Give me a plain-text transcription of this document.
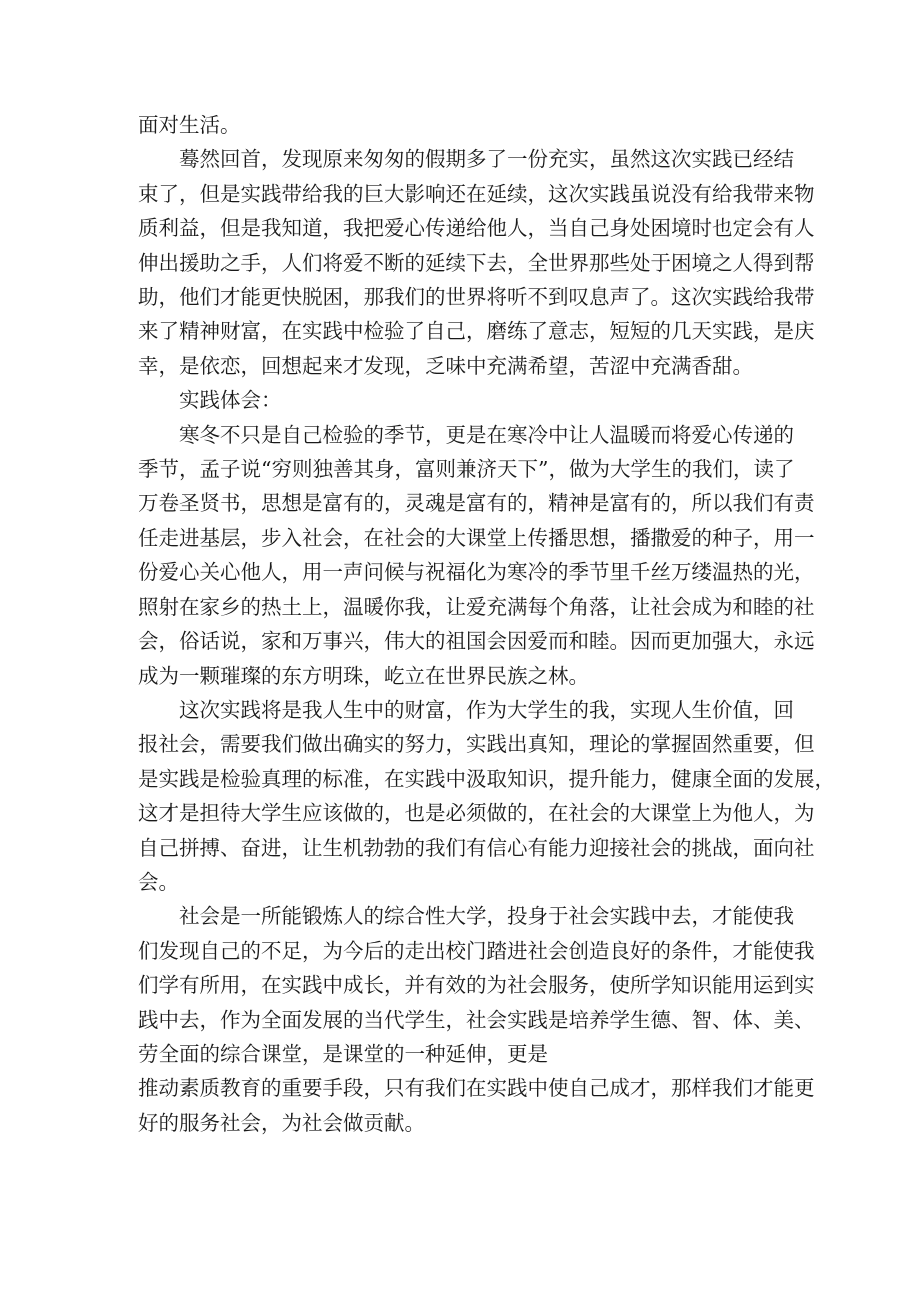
面对生活。

蓦然回首，发现原来匆匆的假期多了一份充实，虽然这次实践已经结
束了，但是实践带给我的巨大影响还在延续，这次实践虽说没有给我带来物
质利益，但是我知道，我把爱心传递给他人，当自己身处困境时也定会有人
伸出援助之手，人们将爱不断的延续下去，全世界那些处于困境之人得到帮
助，他们才能更快脱困，那我们的世界将听不到叹息声了。这次实践给我带
来了精神财富，在实践中检验了自己，磨练了意志，短短的几天实践，是庆
幸，是依恋，回想起来才发现，乏味中充满希望，苦涩中充满香甜。

实践体会：

寒冬不只是自己检验的季节，更是在寒冷中让人温暖而将爱心传递的
季节，孟子说“穷则独善其身，富则兼济天下”，做为大学生的我们，读了
万卷圣贤书，思想是富有的，灵魂是富有的，精神是富有的，所以我们有责
任走进基层，步入社会，在社会的大课堂上传播思想，播撒爱的种子，用一
份爱心关心他人，用一声问候与祝福化为寒冷的季节里千丝万缕温热的光，
照射在家乡的热土上，温暖你我，让爱充满每个角落，让社会成为和睦的社
会，俗话说，家和万事兴，伟大的祖国会因爱而和睦。因而更加强大，永远
成为一颗璀璨的东方明珠，屹立在世界民族之林。

这次实践将是我人生中的财富，作为大学生的我，实现人生价值，回
报社会，需要我们做出确实的努力，实践出真知，理论的掌握固然重要，但
是实践是检验真理的标准，在实践中汲取知识，提升能力，健康全面的发展，
这才是担待大学生应该做的，也是必须做的，在社会的大课堂上为他人，为
自己拼搏、奋进，让生机勃勃的我们有信心有能力迎接社会的挑战，面向社
会。

社会是一所能锻炼人的综合性大学，投身于社会实践中去，才能使我
们发现自己的不足，为今后的走出校门踏进社会创造良好的条件，才能使我
们学有所用，在实践中成长，并有效的为社会服务，使所学知识能用运到实
践中去，作为全面发展的当代学生，社会实践是培养学生德、智、体、美、
劳全面的综合课堂，是课堂的一种延伸，更是

推动素质教育的重要手段，只有我们在实践中使自己成才，那样我们才能更
好的服务社会，为社会做贡献。
